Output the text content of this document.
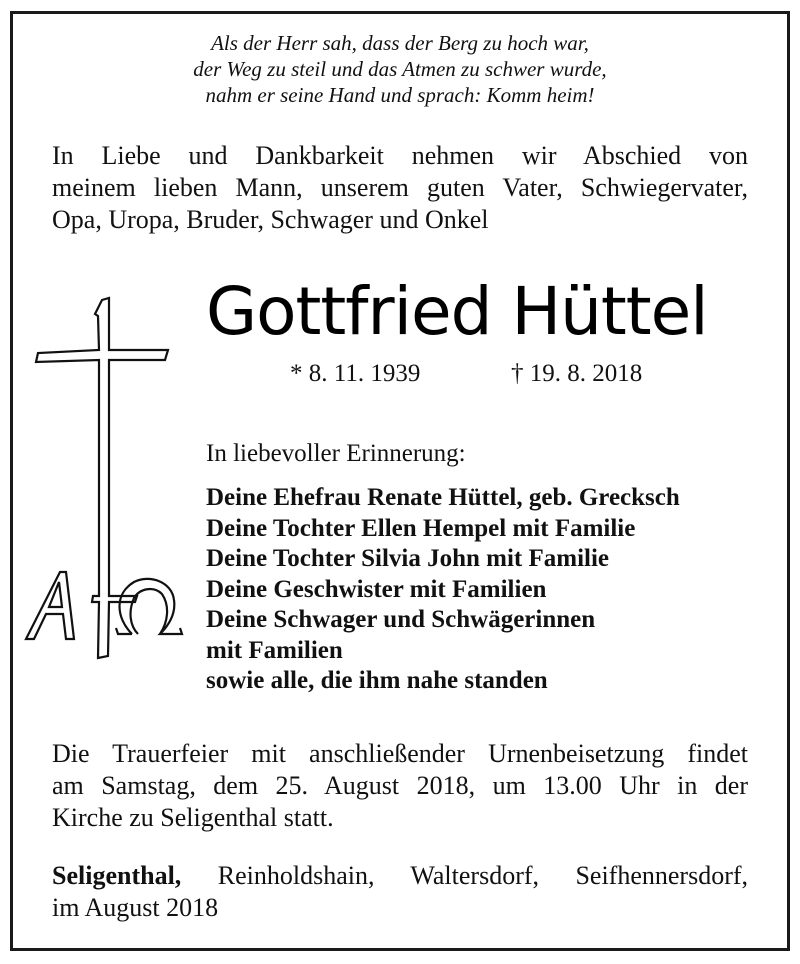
Als der Herr sah, dass der Berg zu hoch war,
der Weg zu steil und das Atmen zu schwer wurde,
nahm er seine Hand und sprach: Komm heim!
In Liebe und Dankbarkeit nehmen wir Abschied von
meinem lieben Mann, unserem guten Vater, Schwiegervater,
Opa, Uropa, Bruder, Schwager und Onkel
Gottfried Hüttel
* 8. 11. 1939	† 19. 8. 2018
In liebevoller Erinnerung:
Deine Ehefrau Renate Hüttel, geb. Grecksch
Deine Tochter Ellen Hempel mit Familie
Deine Tochter Silvia John mit Familie
Deine Geschwister mit Familien
Deine Schwager und Schwägerinnen
mit Familien
sowie alle, die ihm nahe standen
Die Trauerfeier mit anschließender Urnenbeisetzung findet
am Samstag, dem 25. August 2018, um 13.00 Uhr in der
Kirche zu Seligenthal statt.
Seligenthal, Reinholdshain, Waltersdorf, Seifhennersdorf,
im August 2018
